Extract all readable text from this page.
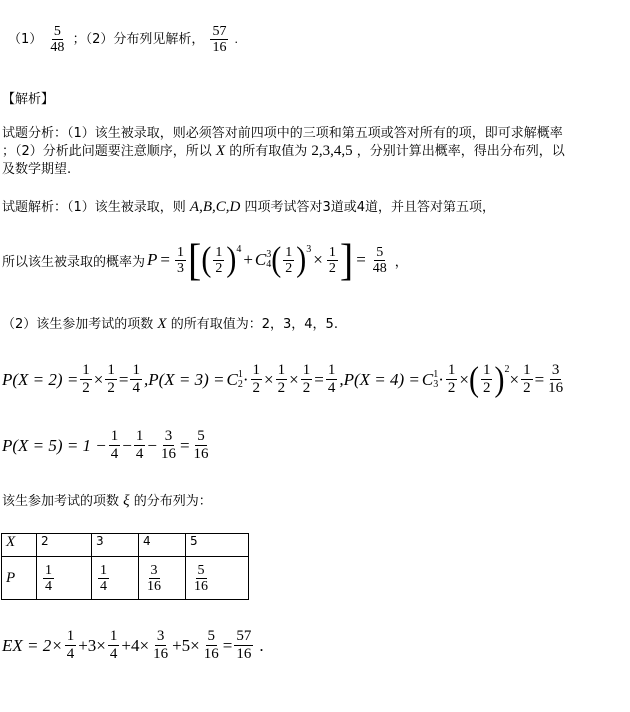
$(1) \frac{5}{48}$ ；（2）分布列见解析， $\frac{57}{16}$ .
【解析】
试题分析：（1）该生被录取，则必须答对前四项中的三项和第五项或答对所有的项，即可求解概率
；（2）分析此问题要注意顺序，所以 X 的所有取值为 2,3,4,5 ，分别计算出概率，得出分布列，以
及数学期望.
试题解析：（1）该生被录取，则 A,B,C,D 四项考试答对3道或4道，并且答对第五项，
所以该生被录取的概率为 $P = \frac{1}{3}$ [ ( $\frac{1}{2} )^4$
+ C 3
4 ( $\frac{1}{2} )^3$
× $\frac{1}{2}$ ] = $\frac{5}{48}$ ，
（2）该生参加考试的项数 X 的所有取值为：2，3，4，5.
$P(X = 2) = \frac{1}{2} \times \frac{1}{2} = \frac{1}{4} ,P(X = 3) = C$ 1
$2 \cdot \frac{1}{2} \times \frac{1}{2} \times \frac{1}{2} = \frac{1}{4} ,P(X = 4) = C$ 1
$3 \cdot \frac{1}{2}$ × ( $\frac{1}{2} )^2 \times \frac{1}{2} = \frac{3}{16}$
$P(X = 5) = 1 - \frac{1}{4} - \frac{1}{4} - \frac{3}{16} = \frac{5}{16}$
该生参加考试的项数 ξ 的分布列为：
X	2	3	4	5
P	$\frac{1}{4}$	$\frac{1}{4}$	$\frac{3}{16}$	$\frac{5}{16}$
EX = $2\times \frac{1}{4} +3\times \frac{1}{4} +4\times \frac{3}{16} +5\times \frac{5}{16} = \frac{57}{16}$ .
